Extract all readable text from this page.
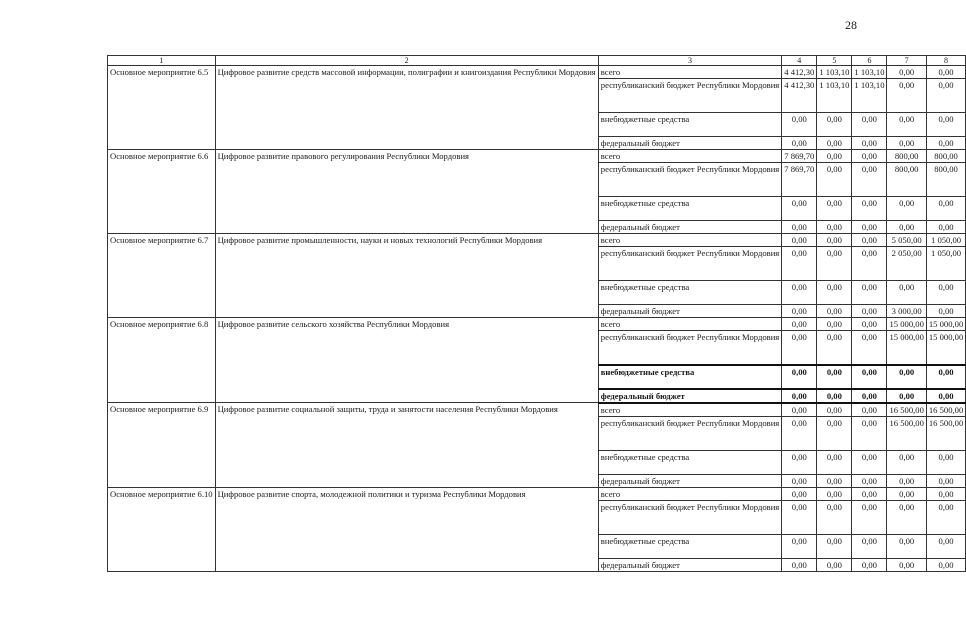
28
1	2	3	4	5	6	7	8
Основное мероприятие 6.5	Цифровое развитие средств массовой информации, полиграфии и книгоиздания Республики Мордовия	всего	4 412,30	1 103,10	1 103,10	0,00	0,00
		республиканский бюджет Республики Мордовия	4 412,30	1 103,10	1 103,10	0,00	0,00
		внебюджетные средства	0,00	0,00	0,00	0,00	0,00
		федеральный бюджет	0,00	0,00	0,00	0,00	0,00
Основное мероприятие 6.6	Цифровое развитие правового регулирования Республики Мордовия	всего	7 869,70	0,00	0,00	800,00	800,00
		республиканский бюджет Республики Мордовия	7 869,70	0,00	0,00	800,00	800,00
		внебюджетные средства	0,00	0,00	0,00	0,00	0,00
		федеральный бюджет	0,00	0,00	0,00	0,00	0,00
Основное мероприятие 6.7	Цифровое развитие промышленности, науки и новых технологий Республики Мордовия	всего	0,00	0,00	0,00	5 050,00	1 050,00
		республиканский бюджет Республики Мордовия	0,00	0,00	0,00	2 050,00	1 050,00
		внебюджетные средства	0,00	0,00	0,00	0,00	0,00
		федеральный бюджет	0,00	0,00	0,00	3 000,00	0,00
Основное мероприятие 6.8	Цифровое развитие сельского хозяйства Республики Мордовия	всего	0,00	0,00	0,00	15 000,00	15 000,00
		республиканский бюджет Республики Мордовия	0,00	0,00	0,00	15 000,00	15 000,00
		внебюджетные средства	0,00	0,00	0,00	0,00	0,00
		федеральный бюджет	0,00	0,00	0,00	0,00	0,00
Основное мероприятие 6.9	Цифровое развитие социальной защиты, труда и занятости населения Республики Мордовия	всего	0,00	0,00	0,00	16 500,00	16 500,00
		республиканский бюджет Республики Мордовия	0,00	0,00	0,00	16 500,00	16 500,00
		внебюджетные средства	0,00	0,00	0,00	0,00	0,00
		федеральный бюджет	0,00	0,00	0,00	0,00	0,00
Основное мероприятие 6.10	Цифровое развитие спорта, молодежной политики и туризма Республики Мордовия	всего	0,00	0,00	0,00	0,00	0,00
		республиканский бюджет Республики Мордовия	0,00	0,00	0,00	0,00	0,00
		внебюджетные средства	0,00	0,00	0,00	0,00	0,00
		федеральный бюджет	0,00	0,00	0,00	0,00	0,00
